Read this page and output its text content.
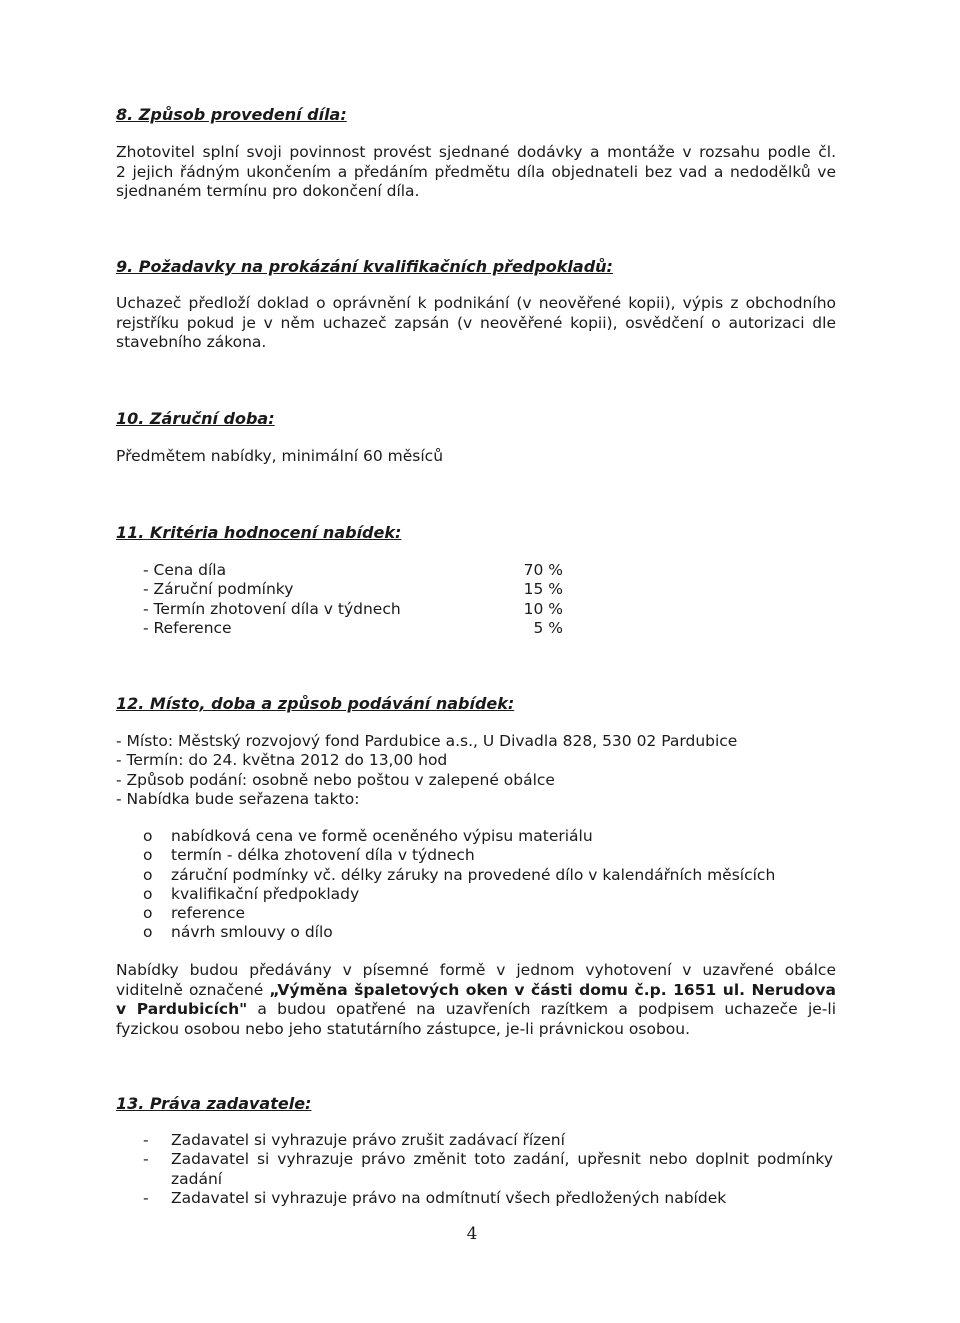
8. Způsob provedení díla:
Zhotovitel splní svoji povinnost provést sjednané dodávky a montáže v rozsahu podle čl.
2 jejich řádným ukončením a předáním předmětu díla objednateli bez vad a nedodělků ve
sjednaném termínu pro dokončení díla.
9. Požadavky na prokázání kvalifikačních předpokladů:
Uchazeč předloží doklad o oprávnění k podnikání (v neověřené kopii), výpis z obchodního
rejstříku pokud je v něm uchazeč zapsán (v neověřené kopii), osvědčení o autorizaci dle
stavebního zákona.
10. Záruční doba:
Předmětem nabídky, minimální 60 měsíců
11. Kritéria hodnocení nabídek:
- Cena díla	70 %
- Záruční podmínky	15 %
- Termín zhotovení díla v týdnech	10 %
- Reference	5 %
12. Místo, doba a způsob podávání nabídek:
- Místo: Městský rozvojový fond Pardubice a.s., U Divadla 828, 530 02 Pardubice
- Termín: do 24. května 2012 do 13,00 hod
- Způsob podání: osobně nebo poštou v zalepené obálce
- Nabídka bude seřazena takto:
o nabídková cena ve formě oceněného výpisu materiálu
o termín - délka zhotovení díla v týdnech
o záruční podmínky vč. délky záruky na provedené dílo v kalendářních měsících
o kvalifikační předpoklady
o reference
o návrh smlouvy o dílo
Nabídky budou předávány v písemné formě v jednom vyhotovení v uzavřené obálce
viditelně označené „Výměna špaletových oken v části domu č.p. 1651 ul. Nerudova
v Pardubicích" a budou opatřené na uzavřeních razítkem a podpisem uchazeče je-li
fyzickou osobou nebo jeho statutárního zástupce, je-li právnickou osobou.
13. Práva zadavatele:
- Zadavatel si vyhrazuje právo zrušit zadávací řízení
- Zadavatel si vyhrazuje právo změnit toto zadání, upřesnit nebo doplnit podmínky
zadání
- Zadavatel si vyhrazuje právo na odmítnutí všech předložených nabídek
4
